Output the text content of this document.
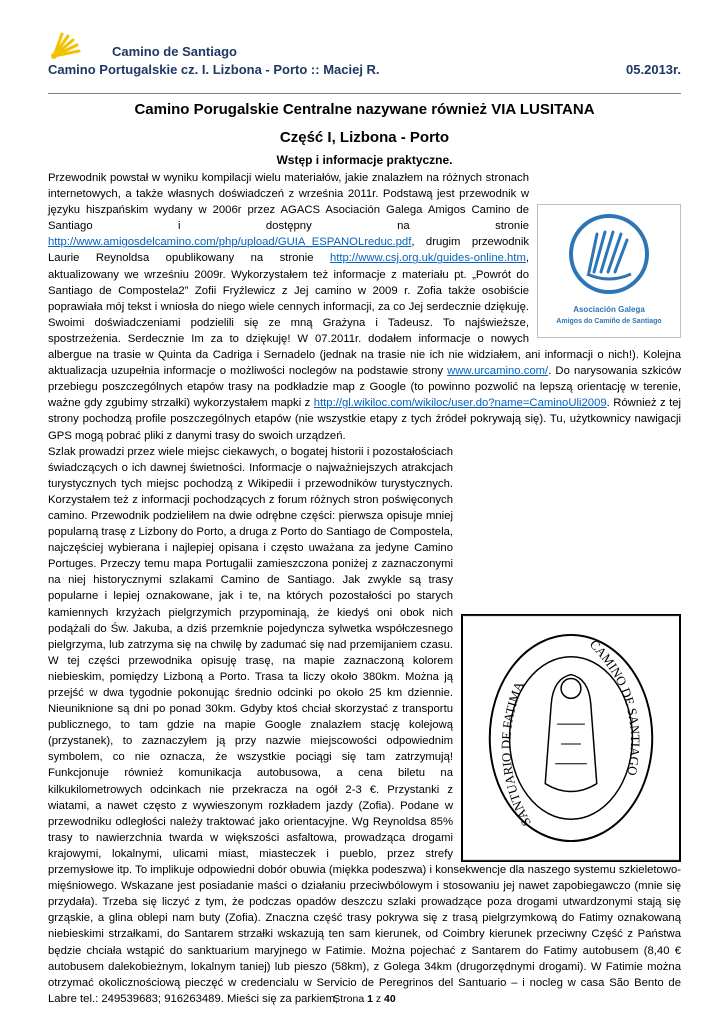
Camino de Santiago
Camino Portugalskie cz. I. Lizbona - Porto :: Maciej R.	05.2013r.
Camino Porugalskie Centralne nazywane również VIA LUSITANA
Część I, Lizbona - Porto
Wstęp i informacje praktyczne.

Asociación Galega
Amigos do Camiño de Santiago
Przewodnik powstał w wyniku kompilacji wielu materiałów, jakie znalazłem na różnych stronach internetowych, a także własnych doświadczeń z września 2011r. Podstawą jest przewodnik w języku hiszpańskim wydany w 2006r przez AGACS Asociación Galega Amigos Camino de Santiago i dostępny na stronie http://www.amigosdelcamino.com/php/upload/GUIA_ESPANOLreduc.pdf, drugim przewodnik Laurie Reynoldsa opublikowany na stronie http://www.csj.org.uk/guides-online.htm, aktualizowany we wrześniu 2009r. Wykorzystałem też informacje z materiału pt. „Powrót do Santiago de Compostela2” Zofii Fryźlewicz z Jej camino w 2009 r. Zofia także osobiście poprawiała mój tekst i wniosła do niego wiele cennych informacji, za co Jej serdecznie dziękuję. Swoimi doświadczeniami podzielili się ze mną Grażyna i Tadeusz. To najświeższe, spostrzeżenia. Serdecznie Im za to dziękuję! W 07.2011r. dodałem informacje o nowych albergue na trasie w Quinta da Cadriga i Sernadelo (jednak na trasie nie ich nie widziałem, ani informacji o nich!). Kolejna aktualizacja uzupełnia informacje o możliwości noclegów na podstawie strony www.urcamino.com/. Do narysowania szkiców przebiegu poszczególnych etapów trasy na podkładzie map z Google (to powinno pozwolić na lepszą orientację w terenie, ważne gdy zgubimy strzałki) wykorzystałem mapki z http://gl.wikiloc.com/wikiloc/user.do?name=CaminoUli2009. Również z tej strony pochodzą profile poszczególnych etapów (nie wszystkie etapy z tych źródeł pokrywają się). Tu, użytkownicy nawigacji GPS mogą pobrać pliki z danymi trasy do swoich urządzeń.

SANTUARIO DE FATIMA
CAMINO DE SANTIAGO
Szlak prowadzi przez wiele miejsc ciekawych, o bogatej historii i pozostałościach świadczących o ich dawnej świetności. Informacje o najważniejszych atrakcjach turystycznych tych miejsc pochodzą z Wikipedii i przewodników turystycznych. Korzystałem też z informacji pochodzących z forum różnych stron poświęconych camino. Przewodnik podzieliłem na dwie odrębne części: pierwsza opisuje mniej popularną trasę z Lizbony do Porto, a druga z Porto do Santiago de Compostela, najczęściej wybierana i najlepiej opisana i często uważana za jedyne Camino Portuges. Przeczy temu mapa Portugalii zamieszczona poniżej z zaznaczonymi na niej historycznymi szlakami Camino de Santiago. Jak zwykle są trasy popularne i lepiej oznakowane, jak i te, na których pozostałości po starych kamiennych krzyżach pielgrzymich przypominają, że kiedyś oni obok nich podążali do Św. Jakuba, a dziś przemknie pojedyncza sylwetka współczesnego pielgrzyma, lub zatrzyma się na chwilę by zadumać się nad przemijaniem czasu. W tej części przewodnika opisuję trasę, na mapie zaznaczoną kolorem niebieskim, pomiędzy Lizboną a Porto. Trasa ta liczy około 380km. Można ją przejść w dwa tygodnie pokonując średnio odcinki po około 25 km dziennie. Nieuniknione są dni po ponad 30km. Gdyby ktoś chciał skorzystać z transportu publicznego, to tam gdzie na mapie Google znalazłem stację kolejową (przystanek), to zaznaczyłem ją przy nazwie miejscowości odpowiednim symbolem, co nie oznacza, że wszystkie pociągi się tam zatrzymują! Funkcjonuje również komunikacja autobusowa, a cena biletu na kilkukilometrowych odcinkach nie przekracza na ogół 2-3 €. Przystanki z wiatami, a nawet często z wywieszonym rozkładem jazdy (Zofia). Podane w przewodniku odległości należy traktować jako orientacyjne. Wg Reynoldsa 85% trasy to nawierzchnia twarda w większości asfaltowa, prowadząca drogami krajowymi, lokalnymi, ulicami miast, miasteczek i pueblo, przez strefy przemysłowe itp. To implikuje odpowiedni dobór obuwia (miękka podeszwa) i konsekwencje dla naszego systemu szkieletowo-mięśniowego. Wskazane jest posiadanie maści o działaniu przeciwbólowym i stosowaniu jej nawet zapobiegawczo (mnie się przydała). Trzeba się liczyć z tym, że podczas opadów deszczu szlaki prowadzące poza drogami utwardzonymi stają się grząskie, a glina oblepi nam buty (Zofia). Znaczna część trasy pokrywa się z trasą pielgrzymkową do Fatimy oznakowaną niebieskimi strzałkami, do Santarem strzałki wskazują ten sam kierunek, od Coimbry kierunek przeciwny Część z Państwa będzie chciała wstąpić do sanktuarium maryjnego w Fatimie. Można pojechać z Santarem do Fatimy autobusem (8,40 € autobusem dalekobieżnym, lokalnym taniej) lub pieszo (58km), z Golega 34km (drugorzędnymi drogami). W Fatimie można otrzymać okolicznościową pieczęć w credencialu w Servicio de Peregrinos del Santuario – i nocleg w casa São Bento de Labre tel.: 249539683; 916263489. Mieści się za parkiem,

Strona 1 z 40
